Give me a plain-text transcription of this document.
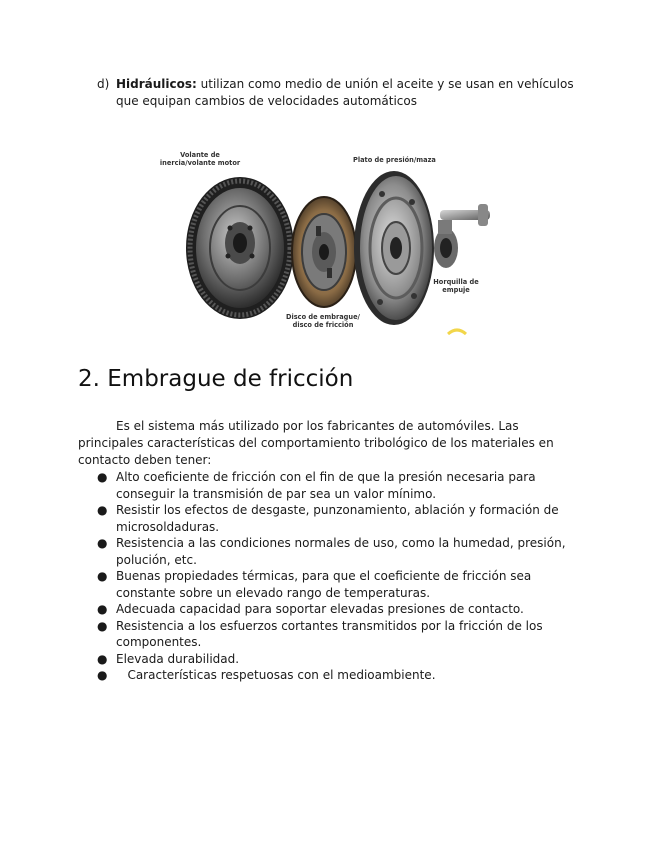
d) Hidráulicos: utilizan como medio de unión el aceite y se usan en vehículos que equipan cambios de velocidades automáticos
Volante de
inercia/volante motor	Plato de presión/maza
Disco de embrague/
disco de fricción
Horquilla de
empuje
2. Embrague de fricción

Es el sistema más utilizado por los fabricantes de automóviles. Las principales características del comportamiento tribológico de los materiales en contacto deben tener:

● Alto coeficiente de fricción con el fin de que la presión necesaria para conseguir la transmisión de par sea un valor mínimo.
● Resistir los efectos de desgaste, punzonamiento, ablación y formación de microsoldaduras.
● Resistencia a las condiciones normales de uso, como la humedad, presión, polución, etc.
● Buenas propiedades térmicas, para que el coeficiente de fricción sea constante sobre un elevado rango de temperaturas.
● Adecuada capacidad para soportar elevadas presiones de contacto.
● Resistencia a los esfuerzos cortantes transmitidos por la fricción de los componentes.
● Elevada durabilidad.
● Características respetuosas con el medioambiente.
